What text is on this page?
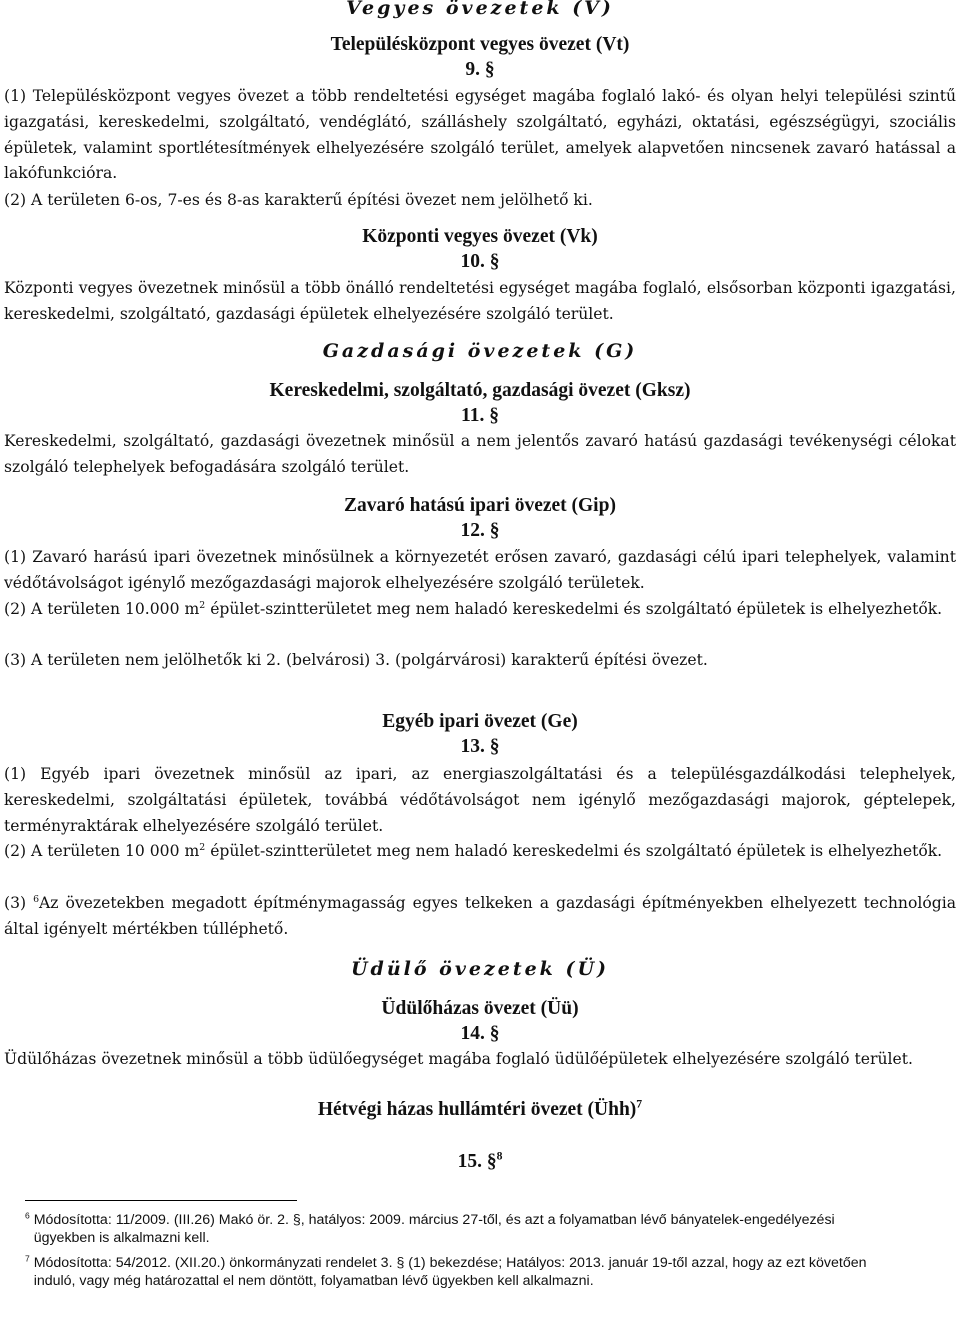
Vegyes övezetek (V)
Településközpont vegyes övezet (Vt)
9. §
(1) Településközpont vegyes övezet a több rendeltetési egységet magába foglaló lakó- és olyan helyi települési szintű igazgatási, kereskedelmi, szolgáltató, vendéglátó, szálláshely szolgáltató, egyházi, oktatási, egészségügyi, szociális épületek, valamint sportlétesítmények elhelyezésére szolgáló terület, amelyek alapvetően nincsenek zavaró hatással a lakófunkcióra.
(2) A területen 6-os, 7-es és 8-as karakterű építési övezet nem jelölhető ki.
Központi vegyes övezet (Vk)
10. §
Központi vegyes övezetnek minősül a több önálló rendeltetési egységet magába foglaló, elsősorban központi igazgatási, kereskedelmi, szolgáltató, gazdasági épületek elhelyezésére szolgáló terület.
Gazdasági övezetek (G)
Kereskedelmi, szolgáltató, gazdasági övezet (Gksz)
11. §
Kereskedelmi, szolgáltató, gazdasági övezetnek minősül a nem jelentős zavaró hatású gazdasági tevékenységi célokat szolgáló telephelyek befogadására szolgáló terület.
Zavaró hatású ipari övezet (Gip)
12. §
(1) Zavaró harású ipari övezetnek minősülnek a környezetét erősen zavaró, gazdasági célú ipari telephelyek, valamint védőtávolságot igénylő mezőgazdasági majorok elhelyezésére szolgáló területek.
(2) A területen 10.000 $m^2$ épület-szintterületet meg nem haladó kereskedelmi és szolgáltató épületek is elhelyezhetők.
(3) A területen nem jelölhetők ki 2. (belvárosi) 3. (polgárvárosi) karakterű építési övezet.
Egyéb ipari övezet (Ge)
13. §
(1) Egyéb ipari övezetnek minősül az ipari, az energiaszolgáltatási és a településgazdálkodási telephelyek, kereskedelmi, szolgáltatási épületek, továbbá védőtávolságot nem igénylő mezőgazdasági majorok, géptelepek, terményraktárak elhelyezésére szolgáló terület.
(2) A területen 10 000 $m^2$ épület-szintterületet meg nem haladó kereskedelmi és szolgáltató épületek is elhelyezhetők.
(3) $^6$Az övezetekben megadott építménymagasság egyes telkeken a gazdasági építményekben elhelyezett technológia által igényelt mértékben túlléphető.
Üdülő övezetek (Ü)
Üdülőházas övezet (Üü)
14. §
Üdülőházas övezetnek minősül a több üdülőegységet magába foglaló üdülőépületek elhelyezésére szolgáló terület.
Hétvégi házas hullámtéri övezet (Ühh)$^7$
15. §$^8$
$^6$ Módosította: 11/2009. (III.26) Makó ör. 2. §, hatályos: 2009. március 27-től, és azt a folyamatban lévő bányatelek-engedélyezési ügyekben is alkalmazni kell.
$^7$ Módosította: 54/2012. (XII.20.) önkormányzati rendelet 3. § (1) bekezdése; Hatályos: 2013. január 19-től azzal, hogy az ezt követően induló, vagy még határozattal el nem döntött, folyamatban lévő ügyekben kell alkalmazni.
